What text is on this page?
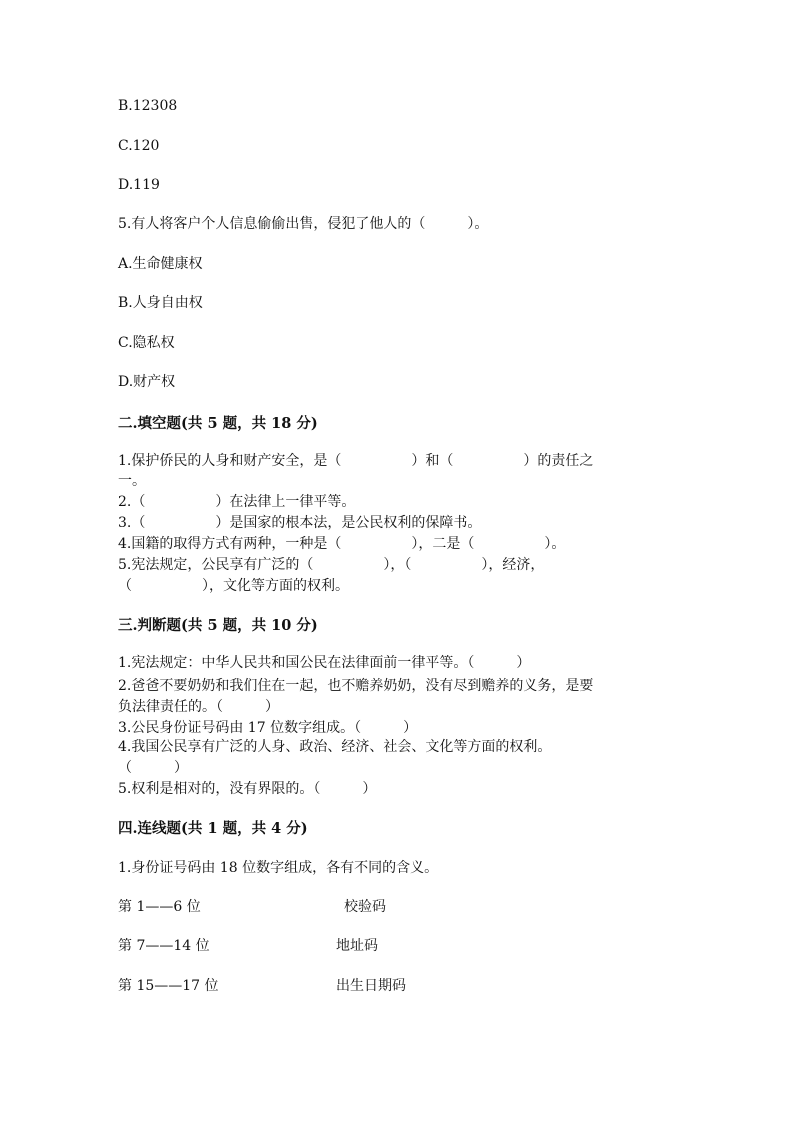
B.12308
C.120
D.119
5.有人将客户个人信息偷偷出售，侵犯了他人的（　　　）。
A.生命健康权
B.人身自由权
C.隐私权
D.财产权
二.填空题(共 5 题，共 18 分)
1.保护侨民的人身和财产安全，是（　　　　　）和（　　　　　）的责任之
一。
2.（　　　　　）在法律上一律平等。
3.（　　　　　）是国家的根本法，是公民权利的保障书。
4.国籍的取得方式有两种，一种是（　　　　　），二是（　　　　　）。
5.宪法规定，公民享有广泛的（　　　　　），（　　　　　），经济，
（　　　　　），文化等方面的权利。
三.判断题(共 5 题，共 10 分)
1.宪法规定：中华人民共和国公民在法律面前一律平等。（　　　）
2.爸爸不要奶奶和我们住在一起，也不赡养奶奶，没有尽到赡养的义务，是要
负法律责任的。（　　　）
3.公民身份证号码由 17 位数字组成。（　　　）
4.我国公民享有广泛的人身、政治、经济、社会、文化等方面的权利。
（　　　）
5.权利是相对的，没有界限的。（　　　）
四.连线题(共 1 题，共 4 分)
1.身份证号码由 18 位数字组成，各有不同的含义。
第 1——6 位	校验码
第 7——14 位	地址码
第 15——17 位	出生日期码
